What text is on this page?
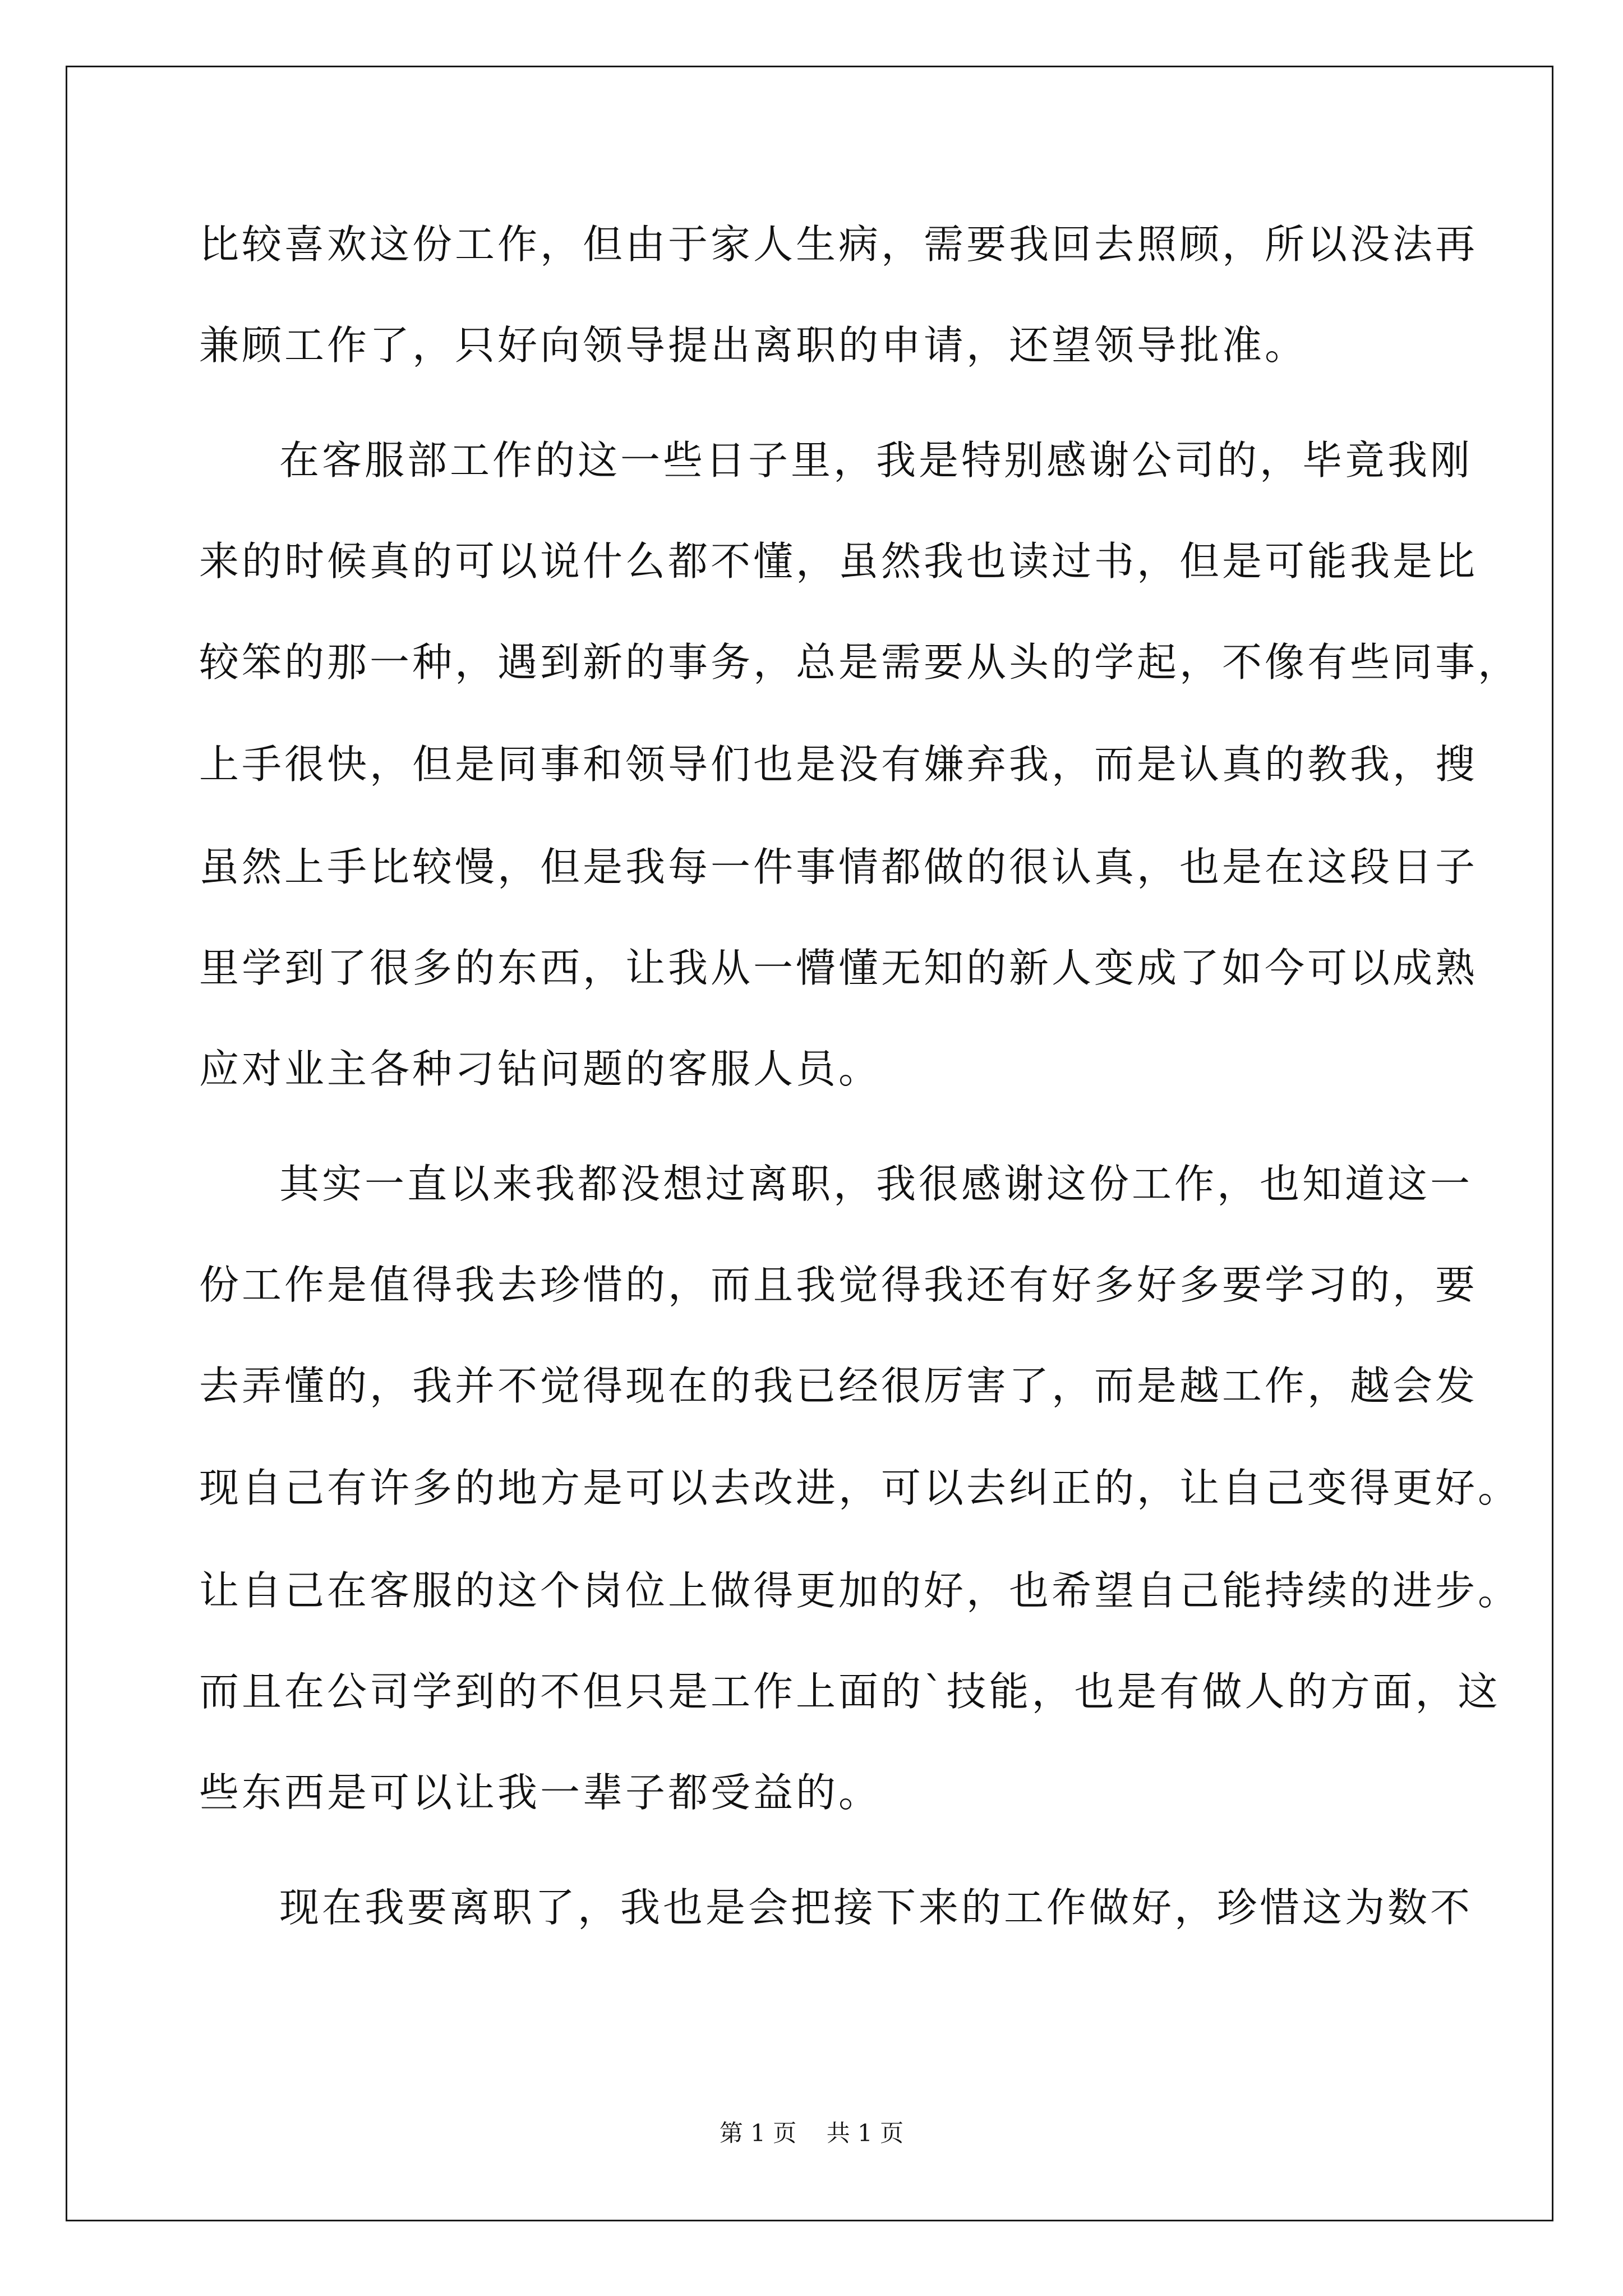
比较喜欢这份工作，但由于家人生病，需要我回去照顾，所以没法再
兼顾工作了，只好向领导提出离职的申请，还望领导批准。
在客服部工作的这一些日子里，我是特别感谢公司的，毕竟我刚
来的时候真的可以说什么都不懂，虽然我也读过书，但是可能我是比
较笨的那一种，遇到新的事务，总是需要从头的学起，不像有些同事，
上手很快，但是同事和领导们也是没有嫌弃我，而是认真的教我，搜
虽然上手比较慢，但是我每一件事情都做的很认真，也是在这段日子
里学到了很多的东西，让我从一懵懂无知的新人变成了如今可以成熟
应对业主各种刁钻问题的客服人员。
其实一直以来我都没想过离职，我很感谢这份工作，也知道这一
份工作是值得我去珍惜的，而且我觉得我还有好多好多要学习的，要
去弄懂的，我并不觉得现在的我已经很厉害了，而是越工作，越会发
现自己有许多的地方是可以去改进，可以去纠正的，让自己变得更好。
让自己在客服的这个岗位上做得更加的好，也希望自己能持续的进步。
而且在公司学到的不但只是工作上面的`技能，也是有做人的方面，这
些东西是可以让我一辈子都受益的。
现在我要离职了，我也是会把接下来的工作做好，珍惜这为数不
第 1 页    共 1 页
